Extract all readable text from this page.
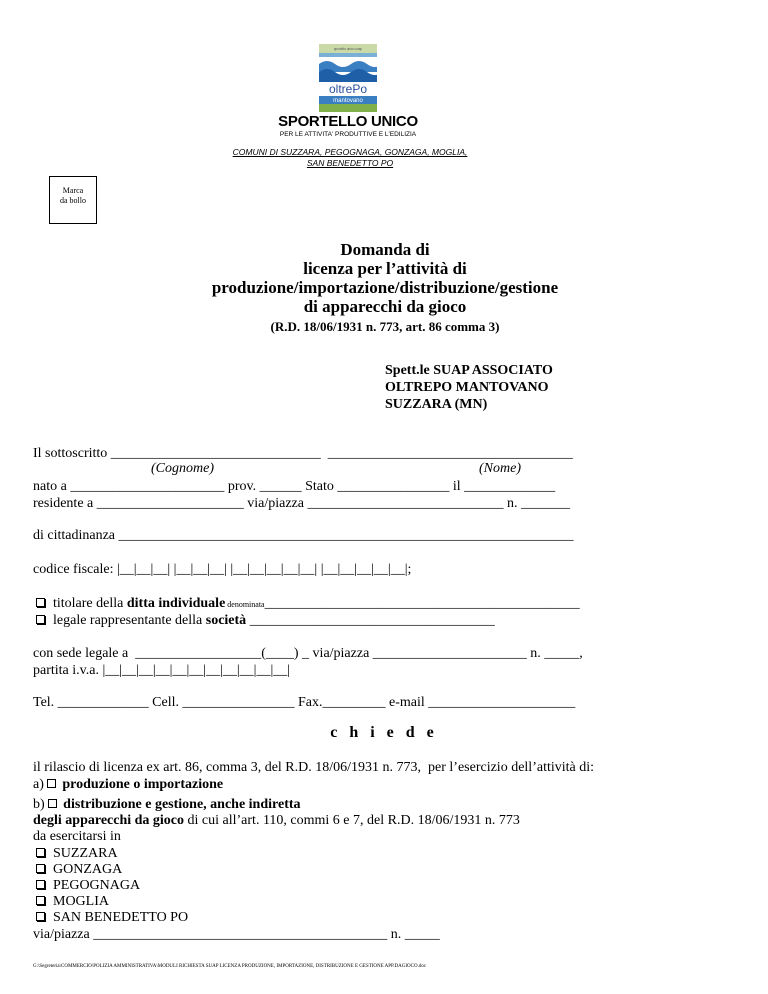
sportello unico suap
oltrePo
mantovano
SPORTELLO UNICO
PER LE ATTIVITA' PRODUTTIVE E L'EDILIZIA
COMUNI DI SUZZARA, PEGOGNAGA, GONZAGA, MOGLIA,
SAN BENEDETTO PO
Marca
da bollo
Domanda di
licenza per l’attività di
produzione/importazione/distribuzione/gestione
di apparecchi da gioco
(R.D. 18/06/1931 n. 773, art. 86 comma 3)
Spett.le SUAP ASSOCIATO
OLTREPO MANTOVANO
SUZZARA (MN)
Il sottoscritto ______________________________  ___________________________________
(Cognome)	(Nome)
nato a ______________________ prov. ______ Stato ________________ il _____________
residente a _____________________ via/piazza ____________________________ n. _______
di cittadinanza _________________________________________________________________
codice fiscale: |__|__|__| |__|__|__| |__|__|__|__|__| |__|__|__|__|__|;
titolare della ditta individuale denominata_____________________________________________
legale rappresentante della società ___________________________________
con sede legale a  __________________(____) _ via/piazza ______________________ n. _____,
partita i.v.a. |__|__|__|__|__|__|__|__|__|__|__|
Tel. _____________ Cell. ________________ Fax._________ e-mail _____________________
c h i e d e
il rilascio di licenza ex art. 86, comma 3, del R.D. 18/06/1931 n. 773,  per l’esercizio dell’attività di:
a) produzione o importazione
b) distribuzione e gestione, anche indiretta
degli apparecchi da gioco di cui all’art. 110, commi 6 e 7, del R.D. 18/06/1931 n. 773
da esercitarsi in
SUZZARA
GONZAGA
PEGOGNAGA
MOGLIA
SAN BENEDETTO PO
via/piazza __________________________________________ n. _____
G:\Segreteria\COMMERCIO\POLIZIA AMMINISTRATIVA\MODULI RICHIESTA SUAP LICENZA PRODUZIONE, IMPORTAZIONE, DISTRIBUZIONE E GESTIONE APP.DAGIOCO.doc
